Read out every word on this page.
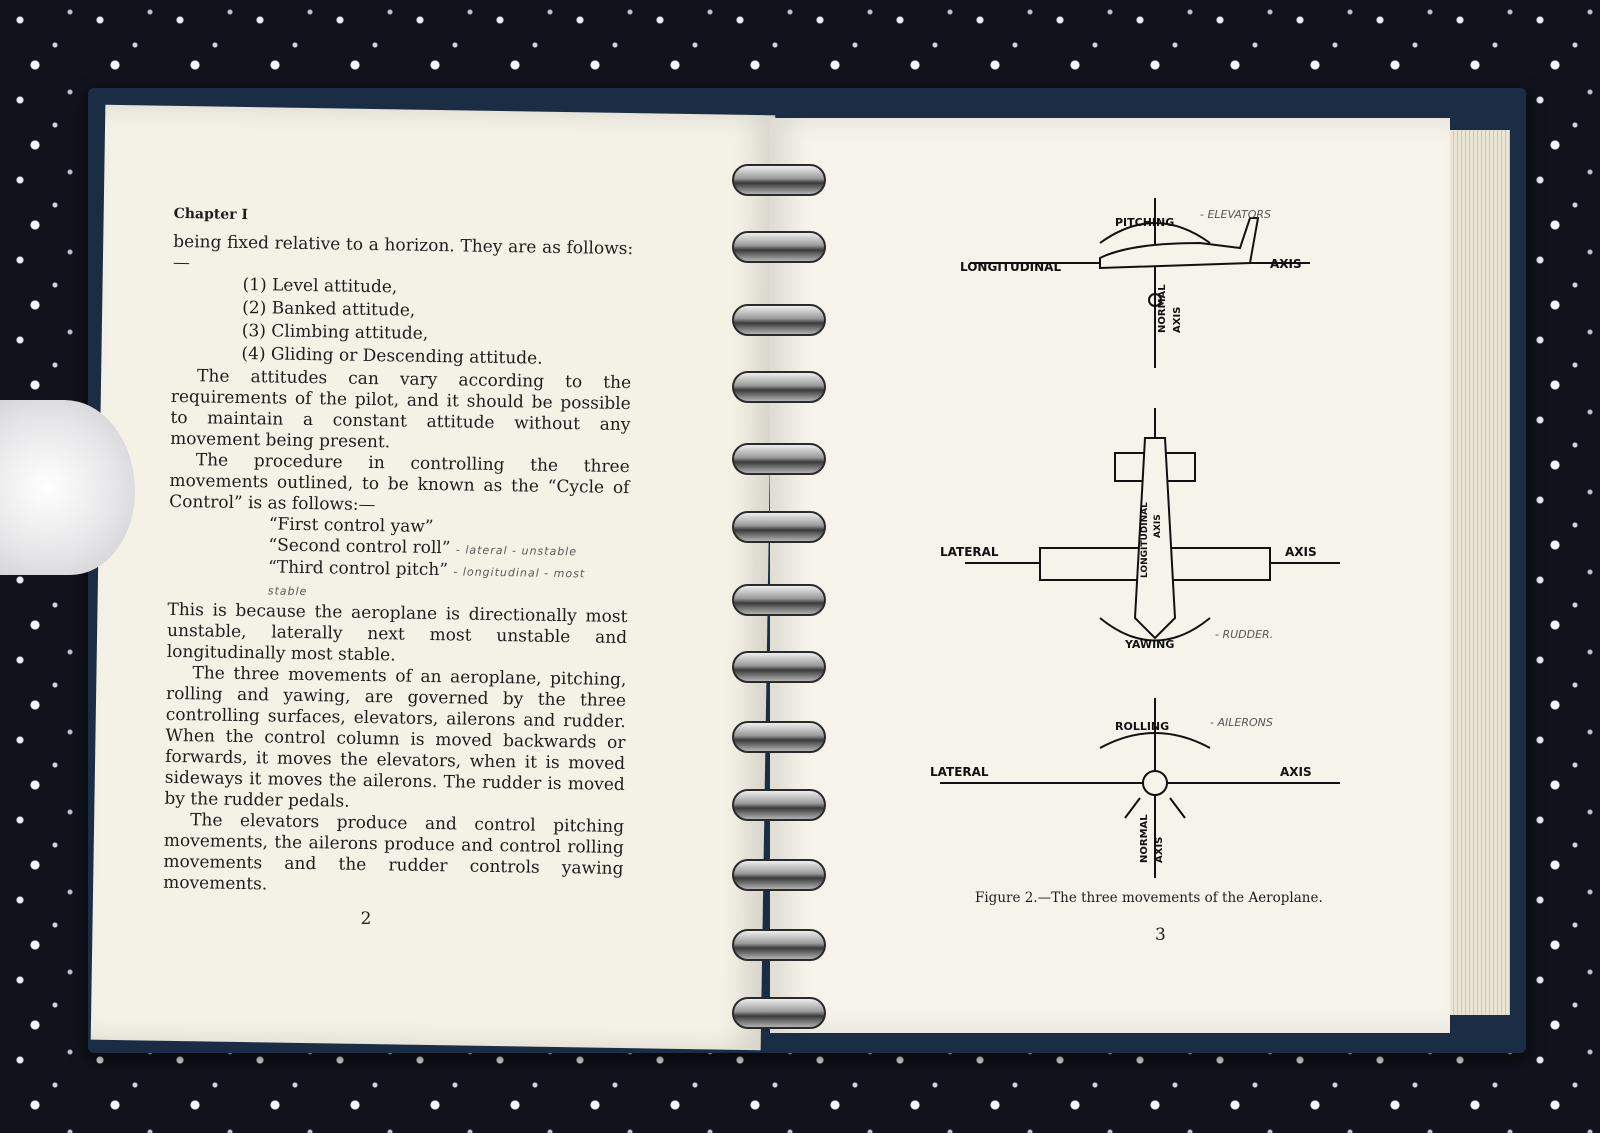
Chapter I

being fixed relative to a horizon. They are as follows:—

(1) Level attitude,
(2) Banked attitude,
(3) Climbing attitude,
(4) Gliding or Descending attitude.

The attitudes can vary according to the requirements of the pilot, and it should be possible to maintain a constant attitude without any movement being present.

The procedure in controlling the three movements outlined, to be known as the “Cycle of Control” is as follows:—

“First control yaw”
“Second control roll” - lateral - unstable
“Third control pitch” - longitudinal - most stable

This is because the aeroplane is directionally most unstable, laterally next most unstable and longitudinally most stable.

The three movements of an aeroplane, pitching, rolling and yawing, are governed by the three controlling surfaces, elevators, ailerons and rudder. When the control column is moved backwards or forwards, it moves the elevators, when it is moved sideways it moves the ailerons. The rudder is moved by the rudder pedals.

The elevators produce and control pitching movements, the ailerons produce and control rolling movements and the rudder controls yawing movements.

2
LONGITUDINAL	AXIS
PITCHING
- ELEVATORS
NORMAL AXIS
LATERAL	AXIS
YAWING
- RUDDER.
LONGITUDINAL AXIS
LATERAL	AXIS
ROLLING	- AILERONS
NORMAL AXIS
Figure 2.—The three movements of the Aeroplane.
3
